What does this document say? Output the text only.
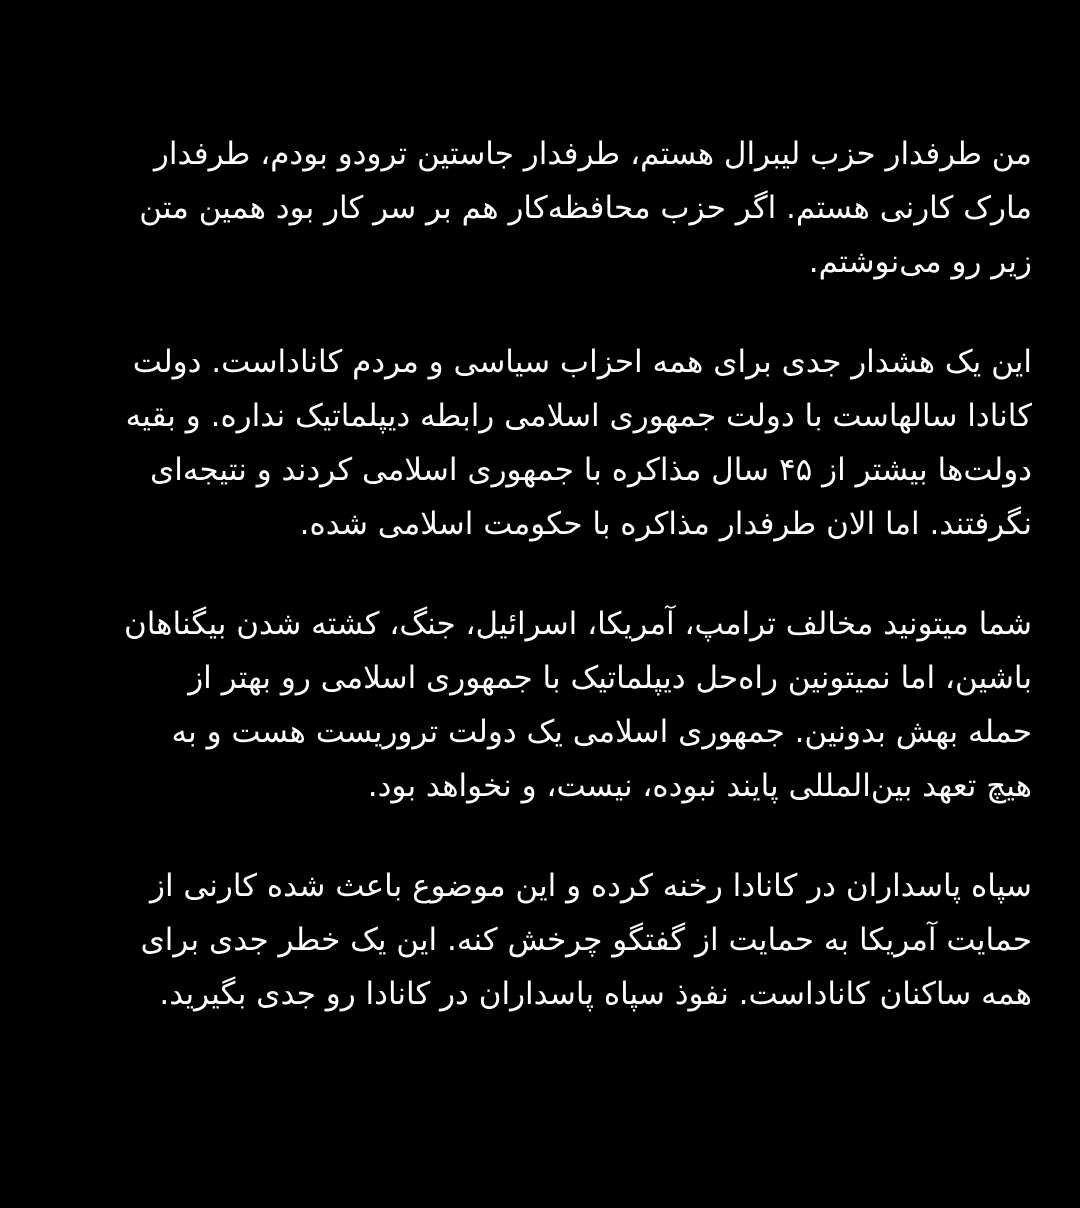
من طرفدار حزب لیبرال هستم، طرفدار جاستین ترودو بودم، طرفدار
مارک کارنی هستم. اگر حزب محافظه‌کار هم بر سر کار بود همین متن
زیر رو می‌نوشتم.

این یک هشدار جدی برای همه احزاب سیاسی و مردم کاناداست. دولت
کانادا سالهاست با دولت جمهوری اسلامی رابطه دیپلماتیک نداره. و بقیه
دولت‌ها بیشتر از ۴۵ سال مذاکره با جمهوری اسلامی کردند و نتیجه‌ای
نگرفتند. اما الان طرفدار مذاکره با حکومت اسلامی شده.

شما میتونید مخالف ترامپ، آمریکا، اسرائیل، جنگ، کشته شدن بیگناهان
باشین، اما نمیتونین راه‌حل دیپلماتیک با جمهوری اسلامی رو بهتر از
حمله بهش بدونین. جمهوری اسلامی یک دولت تروریست هست و به
هیچ تعهد بین‌المللی پایند نبوده، نیست، و نخواهد بود.

سپاه پاسداران در کانادا رخنه کرده و این موضوع باعث شده کارنی از
حمایت آمریکا به حمایت از گفتگو چرخش کنه. این یک خطر جدی برای
همه ساکنان کاناداست. نفوذ سپاه پاسداران در کانادا رو جدی بگیرید.
